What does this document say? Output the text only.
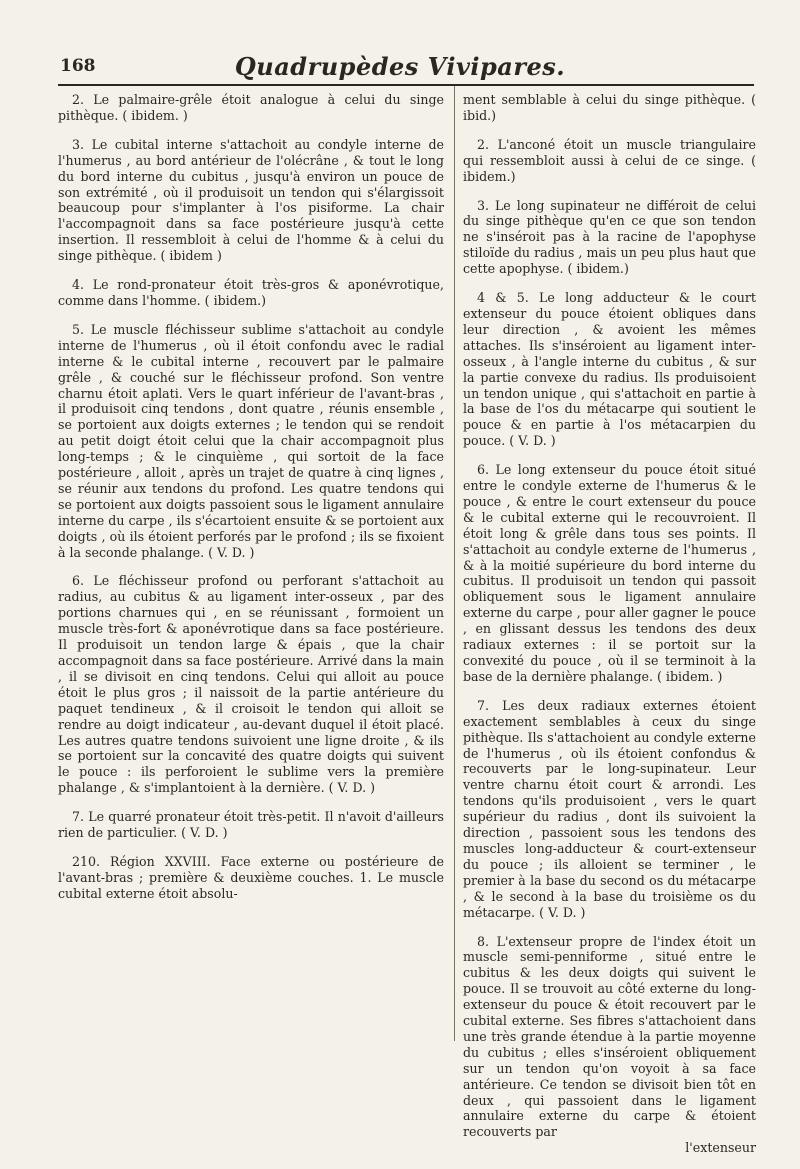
168	Quadrupèdes Vivipares.

2. Le palmaire-grêle étoit analogue à celui du singe pithèque. ( ibidem. )

3. Le cubital interne s'attachoit au condyle interne de l'humerus , au bord antérieur de l'olécrâne , & tout le long du bord interne du cubitus , jusqu'à environ un pouce de son extrémité , où il produisoit un tendon qui s'élargissoit beaucoup pour s'implanter à l'os pisiforme. La chair l'accompagnoit dans sa face postérieure jusqu'à cette insertion. Il ressembloit à celui de l'homme & à celui du singe pithèque. ( ibidem )

4. Le rond-pronateur étoit très-gros & aponévrotique, comme dans l'homme. ( ibidem.)

5. Le muscle fléchisseur sublime s'attachoit au condyle interne de l'humerus , où il étoit confondu avec le radial interne & le cubital interne , recouvert par le palmaire grêle , & couché sur le fléchisseur profond. Son ventre charnu étoit aplati. Vers le quart inférieur de l'avant-bras , il produisoit cinq tendons , dont quatre , réunis ensemble , se portoient aux doigts externes ; le tendon qui se rendoit au petit doigt étoit celui que la chair accompagnoit plus long-temps ; & le cinquième , qui sortoit de la face postérieure , alloit , après un trajet de quatre à cinq lignes , se réunir aux tendons du profond. Les quatre tendons qui se portoient aux doigts passoient sous le ligament annulaire interne du carpe , ils s'écartoient ensuite & se portoient aux doigts , où ils étoient perforés par le profond ; ils se fixoient à la seconde phalange. ( V. D. )

6. Le fléchisseur profond ou perforant s'attachoit au radius, au cubitus & au ligament inter-osseux , par des portions charnues qui , en se réunissant , formoient un muscle très-fort & aponévrotique dans sa face postérieure. Il produisoit un tendon large & épais , que la chair accompagnoit dans sa face postérieure. Arrivé dans la main , il se divisoit en cinq tendons. Celui qui alloit au pouce étoit le plus gros ; il naissoit de la partie antérieure du paquet tendineux , & il croisoit le tendon qui alloit se rendre au doigt indicateur , au-devant duquel il étoit placé. Les autres quatre tendons suivoient une ligne droite , & ils se portoient sur la concavité des quatre doigts qui suivent le pouce : ils perforoient le sublime vers la première phalange , & s'implantoient à la dernière. ( V. D. )

7. Le quarré pronateur étoit très-petit. Il n'avoit d'ailleurs rien de particulier. ( V. D. )

210. Région XXVIII. Face externe ou postérieure de l'avant-bras ; première & deuxième couches. 1. Le muscle cubital externe étoit absolu-

ment semblable à celui du singe pithèque. ( ibid.)

2. L'anconé étoit un muscle triangulaire qui ressembloit aussi à celui de ce singe. ( ibidem.)

3. Le long supinateur ne différoit de celui du singe pithèque qu'en ce que son tendon ne s'inséroit pas à la racine de l'apophyse stiloïde du radius , mais un peu plus haut que cette apophyse. ( ibidem.)

4 & 5. Le long adducteur & le court extenseur du pouce étoient obliques dans leur direction , & avoient les mêmes attaches. Ils s'inséroient au ligament inter-osseux , à l'angle interne du cubitus , & sur la partie convexe du radius. Ils produisoient un tendon unique , qui s'attachoit en partie à la base de l'os du métacarpe qui soutient le pouce & en partie à l'os métacarpien du pouce. ( V. D. )

6. Le long extenseur du pouce étoit situé entre le condyle externe de l'humerus & le pouce , & entre le court extenseur du pouce & le cubital externe qui le recouvroient. Il étoit long & grêle dans tous ses points. Il s'attachoit au condyle externe de l'humerus , & à la moitié supérieure du bord interne du cubitus. Il produisoit un tendon qui passoit obliquement sous le ligament annulaire externe du carpe , pour aller gagner le pouce , en glissant dessus les tendons des deux radiaux externes : il se portoit sur la convexité du pouce , où il se terminoit à la base de la dernière phalange. ( ibidem. )

7. Les deux radiaux externes étoient exactement semblables à ceux du singe pithèque. Ils s'attachoient au condyle externe de l'humerus , où ils étoient confondus & recouverts par le long-supinateur. Leur ventre charnu étoit court & arrondi. Les tendons qu'ils produisoient , vers le quart supérieur du radius , dont ils suivoient la direction , passoient sous les tendons des muscles long-adducteur & court-extenseur du pouce ; ils alloient se terminer , le premier à la base du second os du métacarpe , & le second à la base du troisième os du métacarpe. ( V. D. )

8. L'extenseur propre de l'index étoit un muscle semi-penniforme , situé entre le cubitus & les deux doigts qui suivent le pouce. Il se trouvoit au côté externe du long-extenseur du pouce & étoit recouvert par le cubital externe. Ses fibres s'attachoient dans une très grande étendue à la partie moyenne du cubitus ; elles s'inséroient obliquement sur un tendon qu'on voyoit à sa face antérieure. Ce tendon se divisoit bien tôt en deux , qui passoient dans le ligament annulaire externe du carpe & étoient recouverts par

l'extenseur
